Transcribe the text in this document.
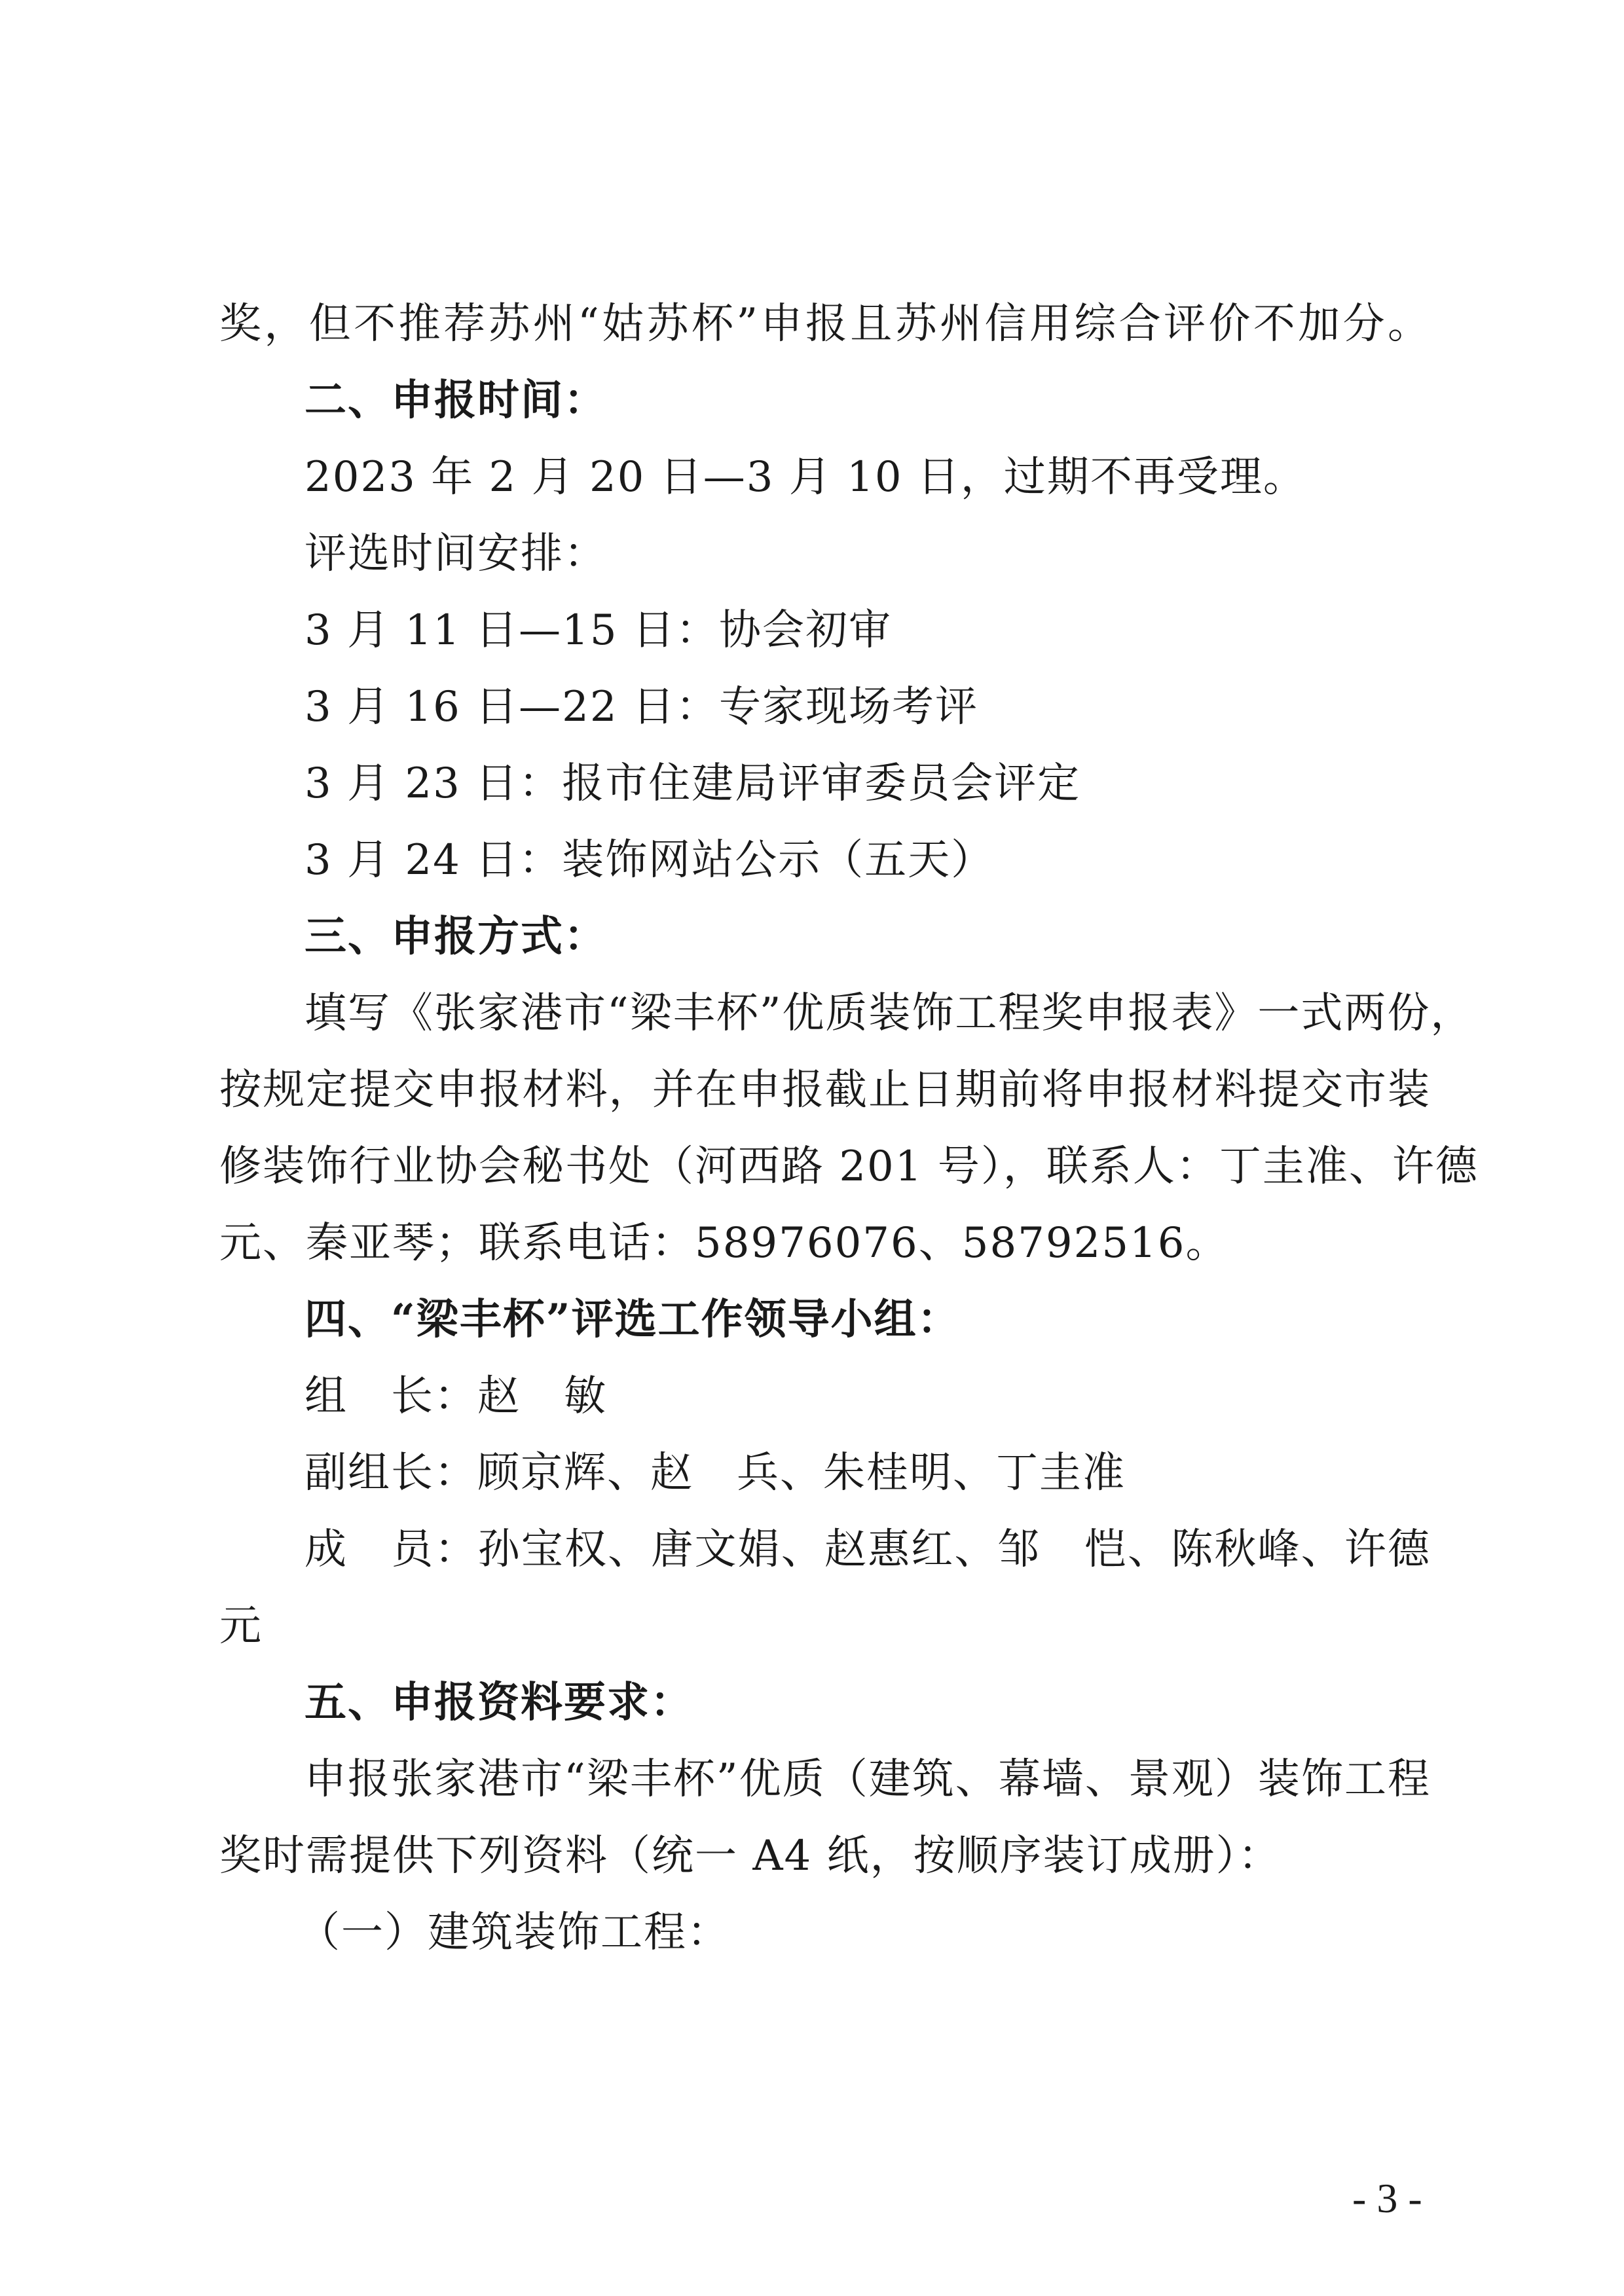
奖，但不推荐苏州“姑苏杯”申报且苏州信用综合评价不加分。
二、申报时间：
2023 年 2 月 20 日—3 月 10 日，过期不再受理。
评选时间安排：
3 月 11 日—15 日：协会初审
3 月 16 日—22 日：专家现场考评
3 月 23 日：报市住建局评审委员会评定
3 月 24 日：装饰网站公示（五天）
三、申报方式：
填写《张家港市“梁丰杯”优质装饰工程奖申报表》一式两份，
按规定提交申报材料，并在申报截止日期前将申报材料提交市装
修装饰行业协会秘书处（河西路 201 号），联系人：丁圭准、许德
元、秦亚琴；联系电话：58976076、58792516。
四、“梁丰杯”评选工作领导小组：
组　长：赵　敏
副组长：顾京辉、赵　兵、朱桂明、丁圭准
成　员：孙宝权、唐文娟、赵惠红、邹　恺、陈秋峰、许德
元
五、申报资料要求：
申报张家港市“梁丰杯”优质（建筑、幕墙、景观）装饰工程
奖时需提供下列资料（统一 A4 纸，按顺序装订成册）：
（一）建筑装饰工程：
- 3 -
